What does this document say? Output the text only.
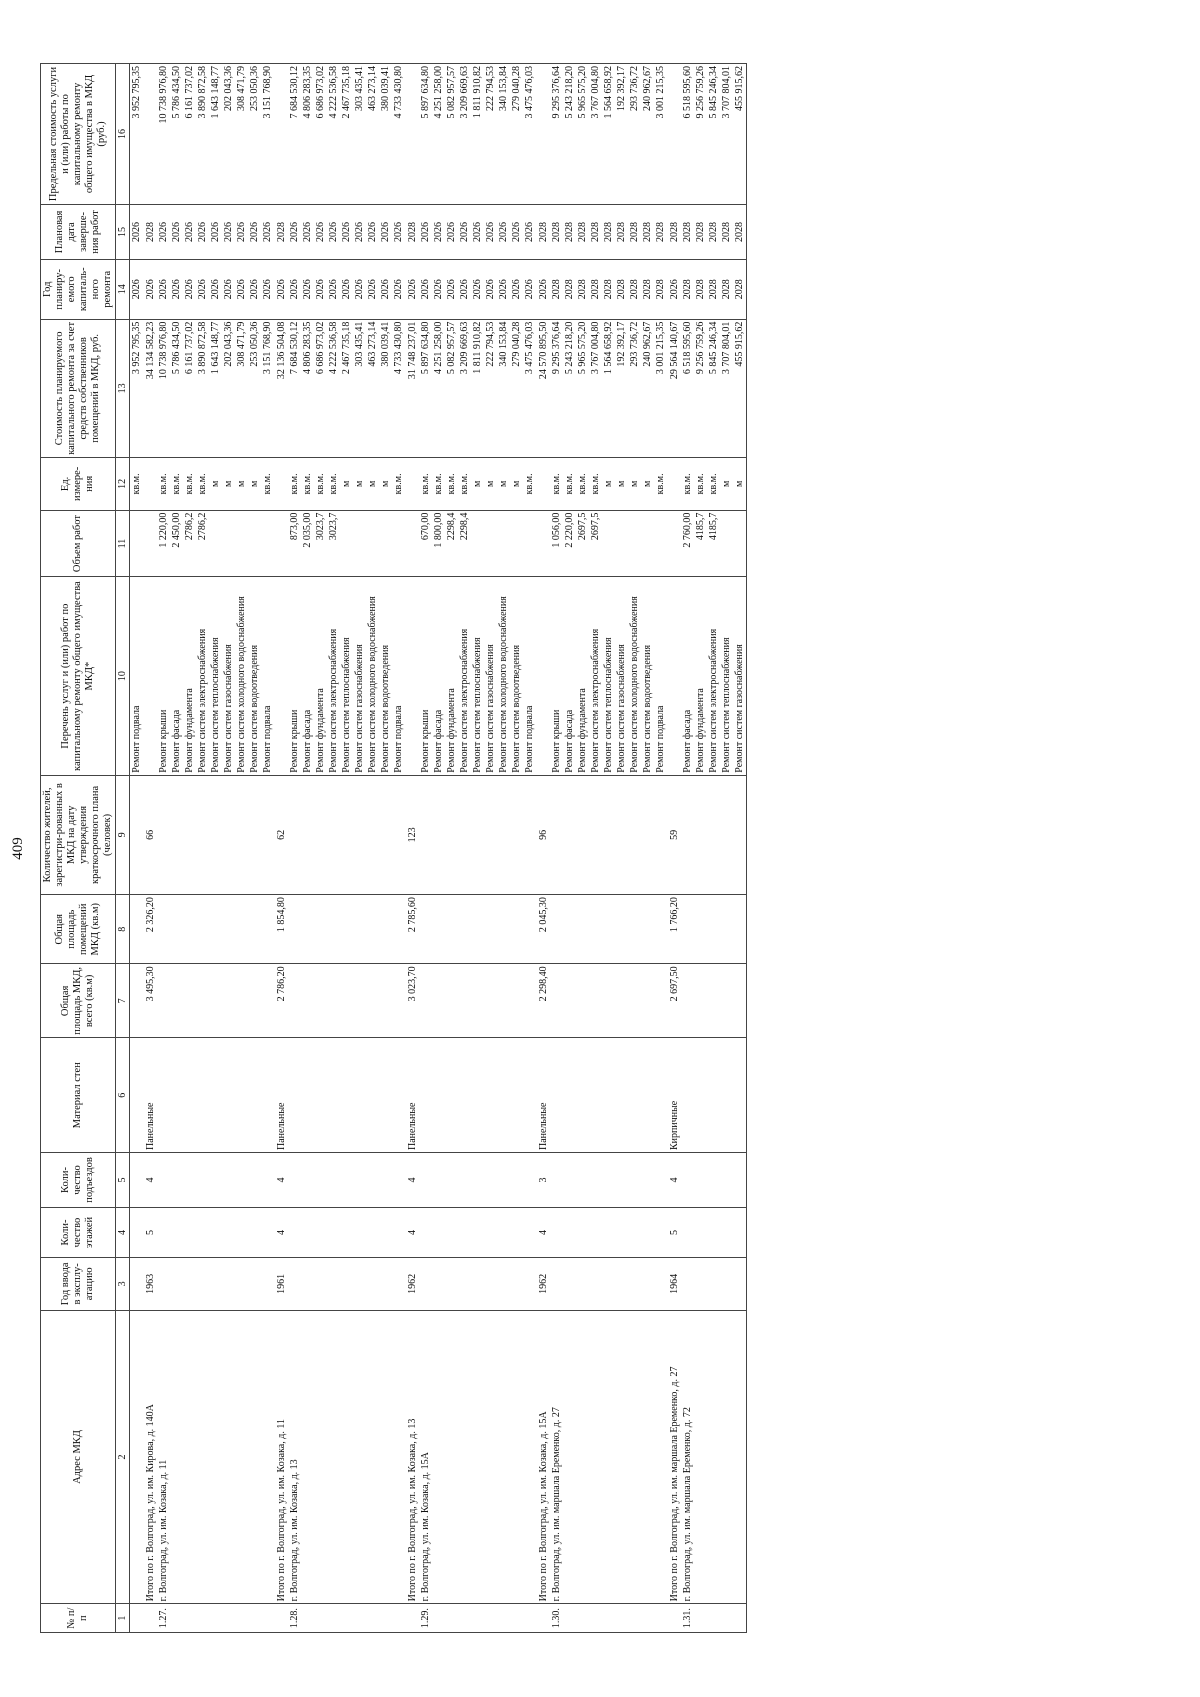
409
№ п/п	Адрес МКД	Год ввода в эксплу-атацию	Коли-чество этажей	Коли-чество подъездов	Материал стен	Общая площадь МКД, всего (кв.м)	Общая площадь помещений МКД (кв.м)	Количество жителей, зарегистри-рованных в МКД на дату утверждения краткосрочного плана (человек)	Перечень услуг и (или) работ по капитальному ремонту общего имущества МКД*	Объем работ	Ед. измере-ния	Стоимость планируемого капитального ремонта за счет средств собственников помещений в МКД, руб.	Год планиру-емого капиталь-ного ремонта	Плановая дата заверше-ния работ	Предельная стоимость услуги и (или) работы по капитальному ремонту общего имущества в МКД (руб.)
1	2	3	4	5	6	7	8	9	10	11	12	13	14	15	16
									Ремонт подвала		кв.м.	3 952 795,35	2026	2026	3 952 795,35
	Итого по г. Волгоград, ул. им. Кирова, д. 140А	1963	5	4	Панельные	3 495,30	2 326,20	66				34 134 582,23	2026	2028	
1.27.	г. Волгоград, ул. им. Козака, д. 11								Ремонт крыши	1 220,00	кв.м.	10 738 976,80	2026	2026	10 738 976,80
									Ремонт фасада	2 450,00	кв.м.	5 786 434,50	2026	2026	5 786 434,50
									Ремонт фундамента	2786,2	кв.м.	6 161 737,02	2026	2026	6 161 737,02
									Ремонт систем электроснабжения	2786,2	кв.м.	3 890 872,58	2026	2026	3 890 872,58
									Ремонт систем теплоснабжения		м	1 643 148,77	2026	2026	1 643 148,77
									Ремонт систем газоснабжения		м	202 043,36	2026	2026	202 043,36
									Ремонт систем холодного водоснабжения		м	308 471,79	2026	2026	308 471,79
									Ремонт систем водоотведения		м	253 050,36	2026	2026	253 050,36
									Ремонт подвала		кв.м.	3 151 768,90	2026	2026	3 151 768,90
	Итого по г. Волгоград, ул. им. Козака, д. 11	1961	4	4	Панельные	2 786,20	1 854,80	62				32 136 504,08	2026	2028	
1.28.	г. Волгоград, ул. им. Козака, д. 13								Ремонт крыши	873,00	кв.м.	7 684 530,12	2026	2026	7 684 530,12
									Ремонт фасада	2 035,00	кв.м.	4 806 283,35	2026	2026	4 806 283,35
									Ремонт фундамента	3023,7	кв.м.	6 686 973,02	2026	2026	6 686 973,02
									Ремонт систем электроснабжения	3023,7	кв.м.	4 222 536,58	2026	2026	4 222 536,58
									Ремонт систем теплоснабжения		м	2 467 735,18	2026	2026	2 467 735,18
									Ремонт систем газоснабжения		м	303 435,41	2026	2026	303 435,41
									Ремонт систем холодного водоснабжения		м	463 273,14	2026	2026	463 273,14
									Ремонт систем водоотведения		м	380 039,41	2026	2026	380 039,41
									Ремонт подвала		кв.м.	4 733 430,80	2026	2026	4 733 430,80
	Итого по г. Волгоград, ул. им. Козака, д. 13	1962	4	4	Панельные	3 023,70	2 785,60	123				31 748 237,01	2026	2028	
1.29.	г. Волгоград, ул. им. Козака, д. 15А								Ремонт крыши	670,00	кв.м.	5 897 634,80	2026	2026	5 897 634,80
									Ремонт фасада	1 800,00	кв.м.	4 251 258,00	2026	2026	4 251 258,00
									Ремонт фундамента	2298,4	кв.м.	5 082 957,57	2026	2026	5 082 957,57
									Ремонт систем электроснабжения	2298,4	кв.м.	3 209 669,63	2026	2026	3 209 669,63
									Ремонт систем теплоснабжения		м	1 811 910,82	2026	2026	1 811 910,82
									Ремонт систем газоснабжения		м	222 794,53	2026	2026	222 794,53
									Ремонт систем холодного водоснабжения		м	340 153,84	2026	2026	340 153,84
									Ремонт систем водоотведения		м	279 040,28	2026	2026	279 040,28
									Ремонт подвала		кв.м.	3 475 476,03	2026	2026	3 475 476,03
	Итого по г. Волгоград, ул. им. Козака, д. 15А	1962	4	3	Панельные	2 298,40	2 045,30	96				24 570 895,50	2026	2028	
1.30.	г. Волгоград, ул. им. маршала Еременко, д. 27								Ремонт крыши	1 056,00	кв.м.	9 295 376,64	2028	2028	9 295 376,64
									Ремонт фасада	2 220,00	кв.м.	5 243 218,20	2028	2028	5 243 218,20
									Ремонт фундамента	2697,5	кв.м.	5 965 575,20	2028	2028	5 965 575,20
									Ремонт систем электроснабжения	2697,5	кв.м.	3 767 004,80	2028	2028	3 767 004,80
									Ремонт систем теплоснабжения		м	1 564 658,92	2028	2028	1 564 658,92
									Ремонт систем газоснабжения		м	192 392,17	2028	2028	192 392,17
									Ремонт систем холодного водоснабжения		м	293 736,72	2028	2028	293 736,72
									Ремонт систем водоотведения		м	240 962,67	2028	2028	240 962,67
									Ремонт подвала		кв.м.	3 001 215,35	2028	2028	3 001 215,35
	Итого по г. Волгоград, ул. им. маршала Еременко, д. 27	1964	5	4	Кирпичные	2 697,50	1 766,20	59				29 564 140,67	2026	2028	
1.31.	г. Волгоград, ул. им. маршала Еременко, д. 72								Ремонт фасада	2 760,00	кв.м.	6 518 595,60	2028	2028	6 518 595,60
									Ремонт фундамента	4185,7	кв.м.	9 256 759,26	2028	2028	9 256 759,26
									Ремонт систем электроснабжения	4185,7	кв.м.	5 845 246,34	2028	2028	5 845 246,34
									Ремонт систем теплоснабжения		м	3 707 804,01	2028	2028	3 707 804,01
									Ремонт систем газоснабжения		м	455 915,62	2028	2028	455 915,62
